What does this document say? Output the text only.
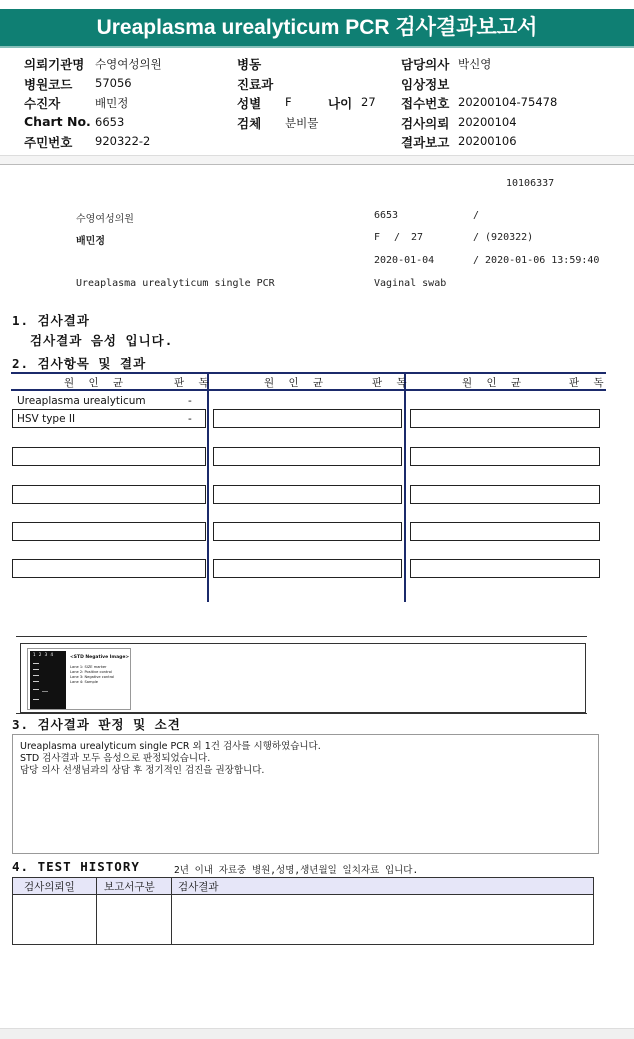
Ureaplasma urealyticum PCR 검사결과보고서
의뢰기관명 수영여성의원
병원코드 57056
수진자	배민정
Chart No. 6653
주민번호 920322-2
병동
진료과
성별 F	나이 27
검체 분비물
담당의사 박신영
임상정보
접수번호 20200104-75478
검사의뢰 20200104
결과보고 20200106
10106337
수영여성의원	6653	/
배민정	F / 27	/ (920322)
2020-01-04	/ 2020-01-06 13:59:40
Ureaplasma urealyticum single PCR	Vaginal swab
1. 검사결과
검사결과 음성 입니다.
2. 검사항목 및 결과
원 인 균	판 독	원 인 균	판 독	원 인 균	판 독
Ureaplasma urealyticum	-
HSV type II	-
1 2 3 4
<STD Negative Image>
Lane 1: SIZE marker
Lane 2: Positive control
Lane 3: Negative control
Lane 4: Sample
3. 검사결과 판정 및 소견
Ureaplasma urealyticum single PCR 외 1건 검사를 시행하였습니다.
STD 검사결과 모두 음성으로 판정되었습니다.
담당 의사 선생님과의 상담 후 정기적인 검진을 권장합니다.
4. TEST HISTORY	2년 이내 자료중 병원,성명,생년월일 일치자료 입니다.
검사의뢰일	보고서구분 검사결과
